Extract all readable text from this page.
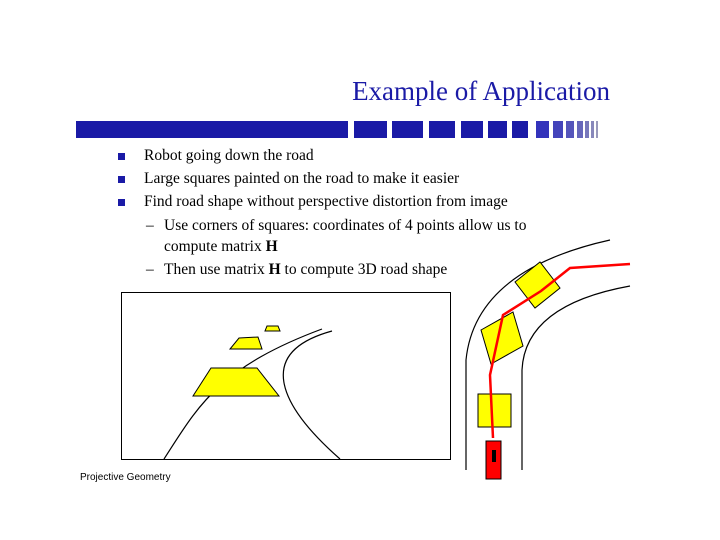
Example of Application
Robot going down the road
Large squares painted on the road to make it easier
Find road shape without perspective distortion from image
– Use corners of squares: coordinates of 4 points allow us to
compute matrix H
– Then use matrix H to compute 3D road shape
Projective Geometry
